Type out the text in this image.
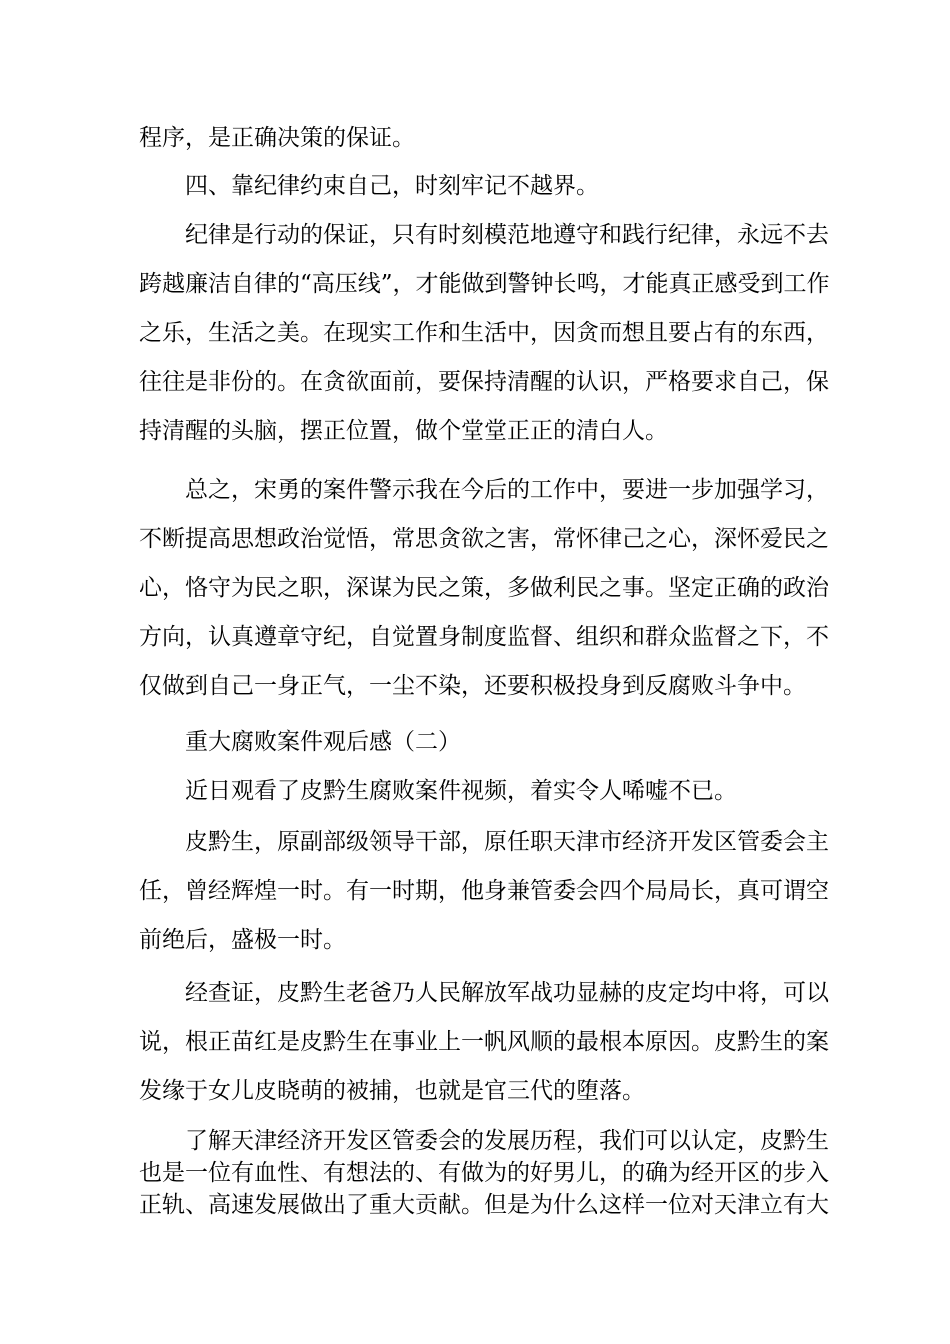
程序，是正确决策的保证。
四、靠纪律约束自己，时刻牢记不越界。
纪律是行动的保证，只有时刻模范地遵守和践行纪律，永远不去
跨越廉洁自律的“高压线”，才能做到警钟长鸣，才能真正感受到工作
之乐，生活之美。在现实工作和生活中，因贪而想且要占有的东西，
往往是非份的。在贪欲面前，要保持清醒的认识，严格要求自己，保
持清醒的头脑，摆正位置，做个堂堂正正的清白人。
总之，宋勇的案件警示我在今后的工作中，要进一步加强学习，
不断提高思想政治觉悟，常思贪欲之害，常怀律己之心，深怀爱民之
心，恪守为民之职，深谋为民之策，多做利民之事。坚定正确的政治
方向，认真遵章守纪，自觉置身制度监督、组织和群众监督之下，不
仅做到自己一身正气，一尘不染，还要积极投身到反腐败斗争中。
重大腐败案件观后感（二）
近日观看了皮黔生腐败案件视频，着实令人唏嘘不已。
皮黔生，原副部级领导干部，原任职天津市经济开发区管委会主
任，曾经辉煌一时。有一时期，他身兼管委会四个局局长，真可谓空
前绝后，盛极一时。
经查证，皮黔生老爸乃人民解放军战功显赫的皮定均中将，可以
说，根正苗红是皮黔生在事业上一帆风顺的最根本原因。皮黔生的案
发缘于女儿皮晓萌的被捕，也就是官三代的堕落。
了解天津经济开发区管委会的发展历程，我们可以认定，皮黔生
也是一位有血性、有想法的、有做为的好男儿，的确为经开区的步入
正轨、高速发展做出了重大贡献。但是为什么这样一位对天津立有大
